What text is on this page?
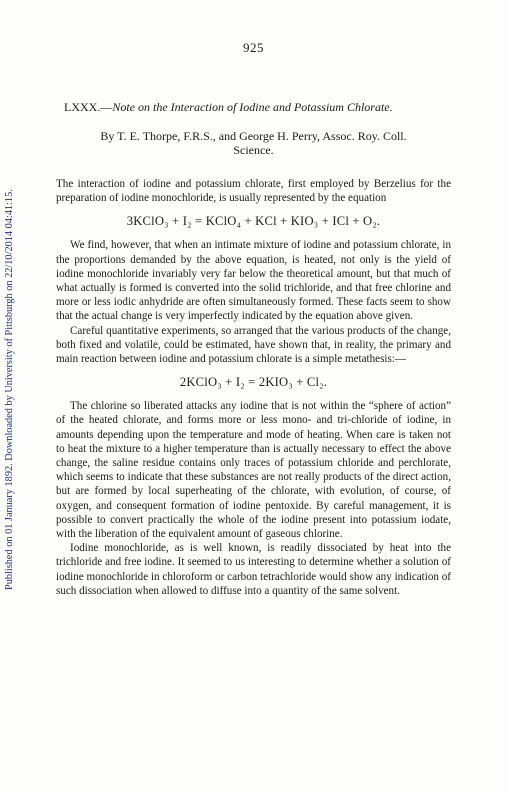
Published on 01 January 1892. Downloaded by University of Pittsburgh on 22/10/2014 04:41:15.
925
LXXX.—Note on the Interaction of Iodine and Potassium Chlorate.
By T. E. Thorpe, F.R.S., and George H. Perry, Assoc. Roy. Coll.
Science.

The interaction of iodine and potassium chlorate, first employed by Berzelius for the preparation of iodine monochloride, is usually represented by the equation

3KClO₃ + I₂ = KClO₄ + KCl + KIO₃ + ICl + O₂.

We find, however, that when an intimate mixture of iodine and potassium chlorate, in the proportions demanded by the above equation, is heated, not only is the yield of iodine monochloride invariably very far below the theoretical amount, but that much of what actually is formed is converted into the solid trichloride, and that free chlorine and more or less iodic anhydride are often simultaneously formed. These facts seem to show that the actual change is very imperfectly indicated by the equation above given.

Careful quantitative experiments, so arranged that the various products of the change, both fixed and volatile, could be estimated, have shown that, in reality, the primary and main reaction between iodine and potassium chlorate is a simple metathesis:—

2KClO₃ + I₂ = 2KIO₃ + Cl₂.

The chlorine so liberated attacks any iodine that is not within the “sphere of action” of the heated chlorate, and forms more or less mono- and tri-chloride of iodine, in amounts depending upon the temperature and mode of heating. When care is taken not to heat the mixture to a higher temperature than is actually necessary to effect the above change, the saline residue contains only traces of potassium chloride and perchlorate, which seems to indicate that these substances are not really products of the direct action, but are formed by local superheating of the chlorate, with evolution, of course, of oxygen, and consequent formation of iodine pentoxide. By careful management, it is possible to convert practically the whole of the iodine present into potassium iodate, with the liberation of the equivalent amount of gaseous chlorine.

Iodine monochloride, as is well known, is readily dissociated by heat into the trichloride and free iodine. It seemed to us interesting to determine whether a solution of iodine monochloride in chloroform or carbon tetrachloride would show any indication of such dissociation when allowed to diffuse into a quantity of the same solvent.
